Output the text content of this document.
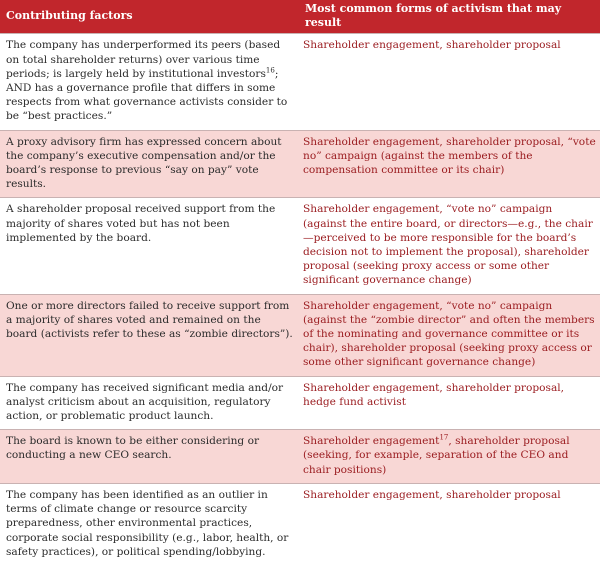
Contributing factors	Most common forms of activism that may result
The company has underperformed its peers (based on total shareholder returns) over various time periods; is largely held by institutional investors$^{16}$; AND has a governance profile that differs in some respects from what governance activists consider to be “best practices.”	Shareholder engagement, shareholder proposal
A proxy advisory firm has expressed concern about the company’s executive compensation and/or the board’s response to previous “say on pay” vote results.	Shareholder engagement, shareholder proposal, “vote no” campaign (against the members of the compensation committee or its chair)
A shareholder proposal received support from the majority of shares voted but has not been implemented by the board.	Shareholder engagement, “vote no” campaign (against the entire board, or directors—e.g., the chair—perceived to be more responsible for the board’s decision not to implement the proposal), shareholder proposal (seeking proxy access or some other significant governance change)
One or more directors failed to receive support from a majority of shares voted and remained on the board (activists refer to these as “zombie directors”).	Shareholder engagement, “vote no” campaign (against the “zombie director” and often the members of the nominating and governance committee or its chair), shareholder proposal (seeking proxy access or some other significant governance change)
The company has received significant media and/or analyst criticism about an acquisition, regulatory action, or problematic product launch.	Shareholder engagement, shareholder proposal, hedge fund activist
The board is known to be either considering or conducting a new CEO search.	Shareholder engagement$^{17}$, shareholder proposal (seeking, for example, separation of the CEO and chair positions)
The company has been identified as an outlier in terms of climate change or resource scarcity preparedness, other environmental practices, corporate social responsibility (e.g., labor, health, or safety practices), or political spending/lobbying.	Shareholder engagement, shareholder proposal
